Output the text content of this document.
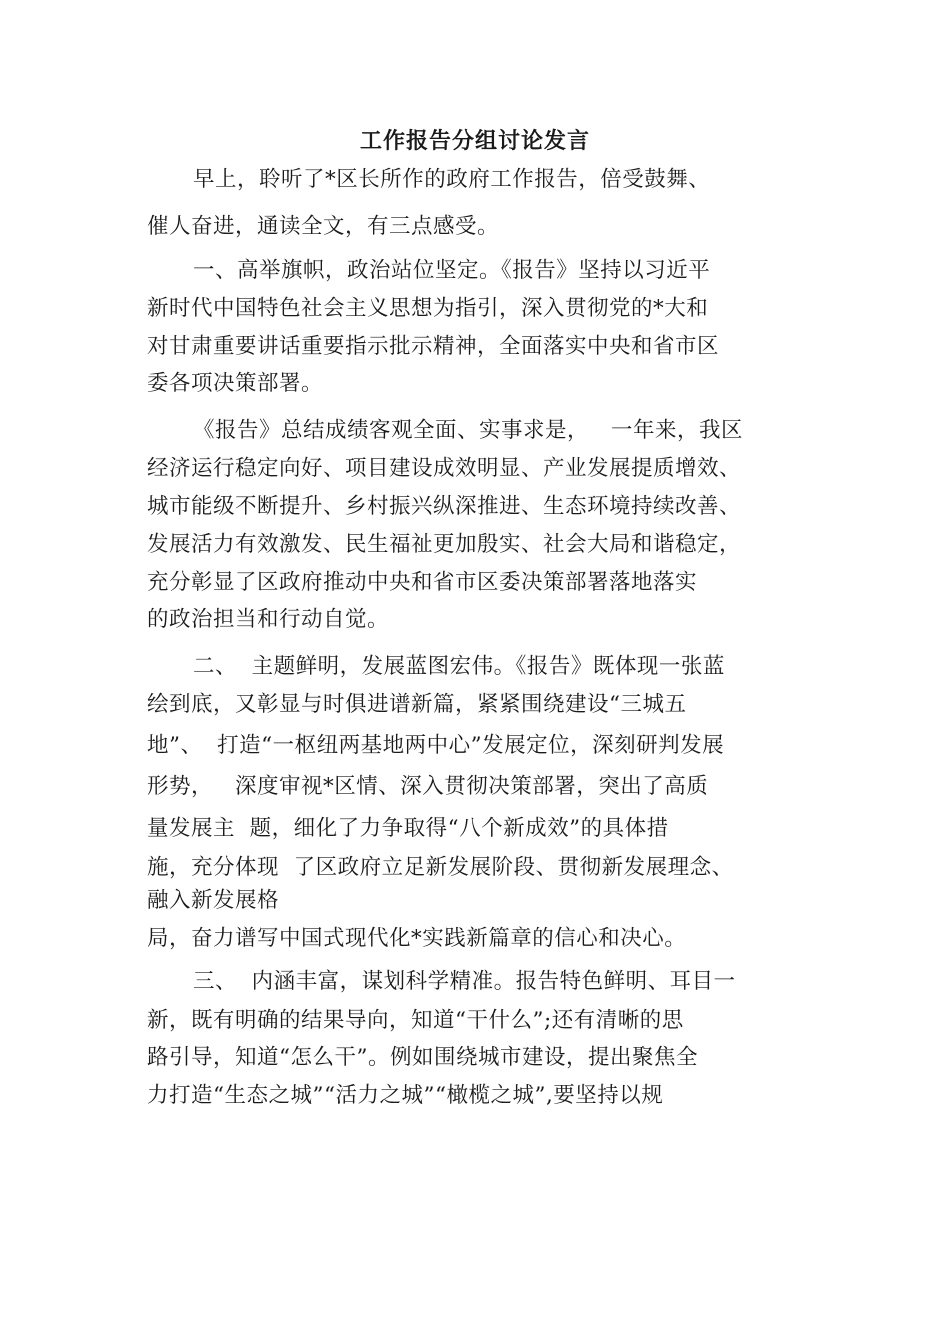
工作报告分组讨论发言
早上，聆听了*区长所作的政府工作报告，倍受鼓舞、
催人奋进，通读全文，有三点感受。
一、高举旗帜，政治站位坚定。《报告》坚持以习近平
新时代中国特色社会主义思想为指引，深入贯彻党的*大和
对甘肃重要讲话重要指示批示精神，全面落实中央和省市区
委各项决策部署。
《报告》总结成绩客观全面、实事求是，   一年来，我区
经济运行稳定向好、项目建设成效明显、产业发展提质增效、
城市能级不断提升、乡村振兴纵深推进、生态环境持续改善、
发展活力有效激发、民生福祉更加殷实、社会大局和谐稳定，
充分彰显了区政府推动中央和省市区委决策部署落地落实
的政治担当和行动自觉。
二、  主题鲜明，发展蓝图宏伟。《报告》既体现一张蓝
绘到底，又彰显与时俱进谱新篇，紧紧围绕建设“三城五
地”、  打造“一枢纽两基地两中心”发展定位，深刻研判发展
形势，   深度审视*区情、深入贯彻决策部署，突出了高质
量发展主  题，细化了力争取得“八个新成效”的具体措
施，充分体现  了区政府立足新发展阶段、贯彻新发展理念、
融入新发展格
局，奋力谱写中国式现代化*实践新篇章的信心和决心。
三、  内涵丰富，谋划科学精准。报告特色鲜明、耳目一
新，既有明确的结果导向，知道“干什么”;还有清晰的思
路引导，知道“怎么干”。例如围绕城市建设，提出聚焦全
力打造“生态之城”“活力之城”“橄榄之城”,要坚持以规
